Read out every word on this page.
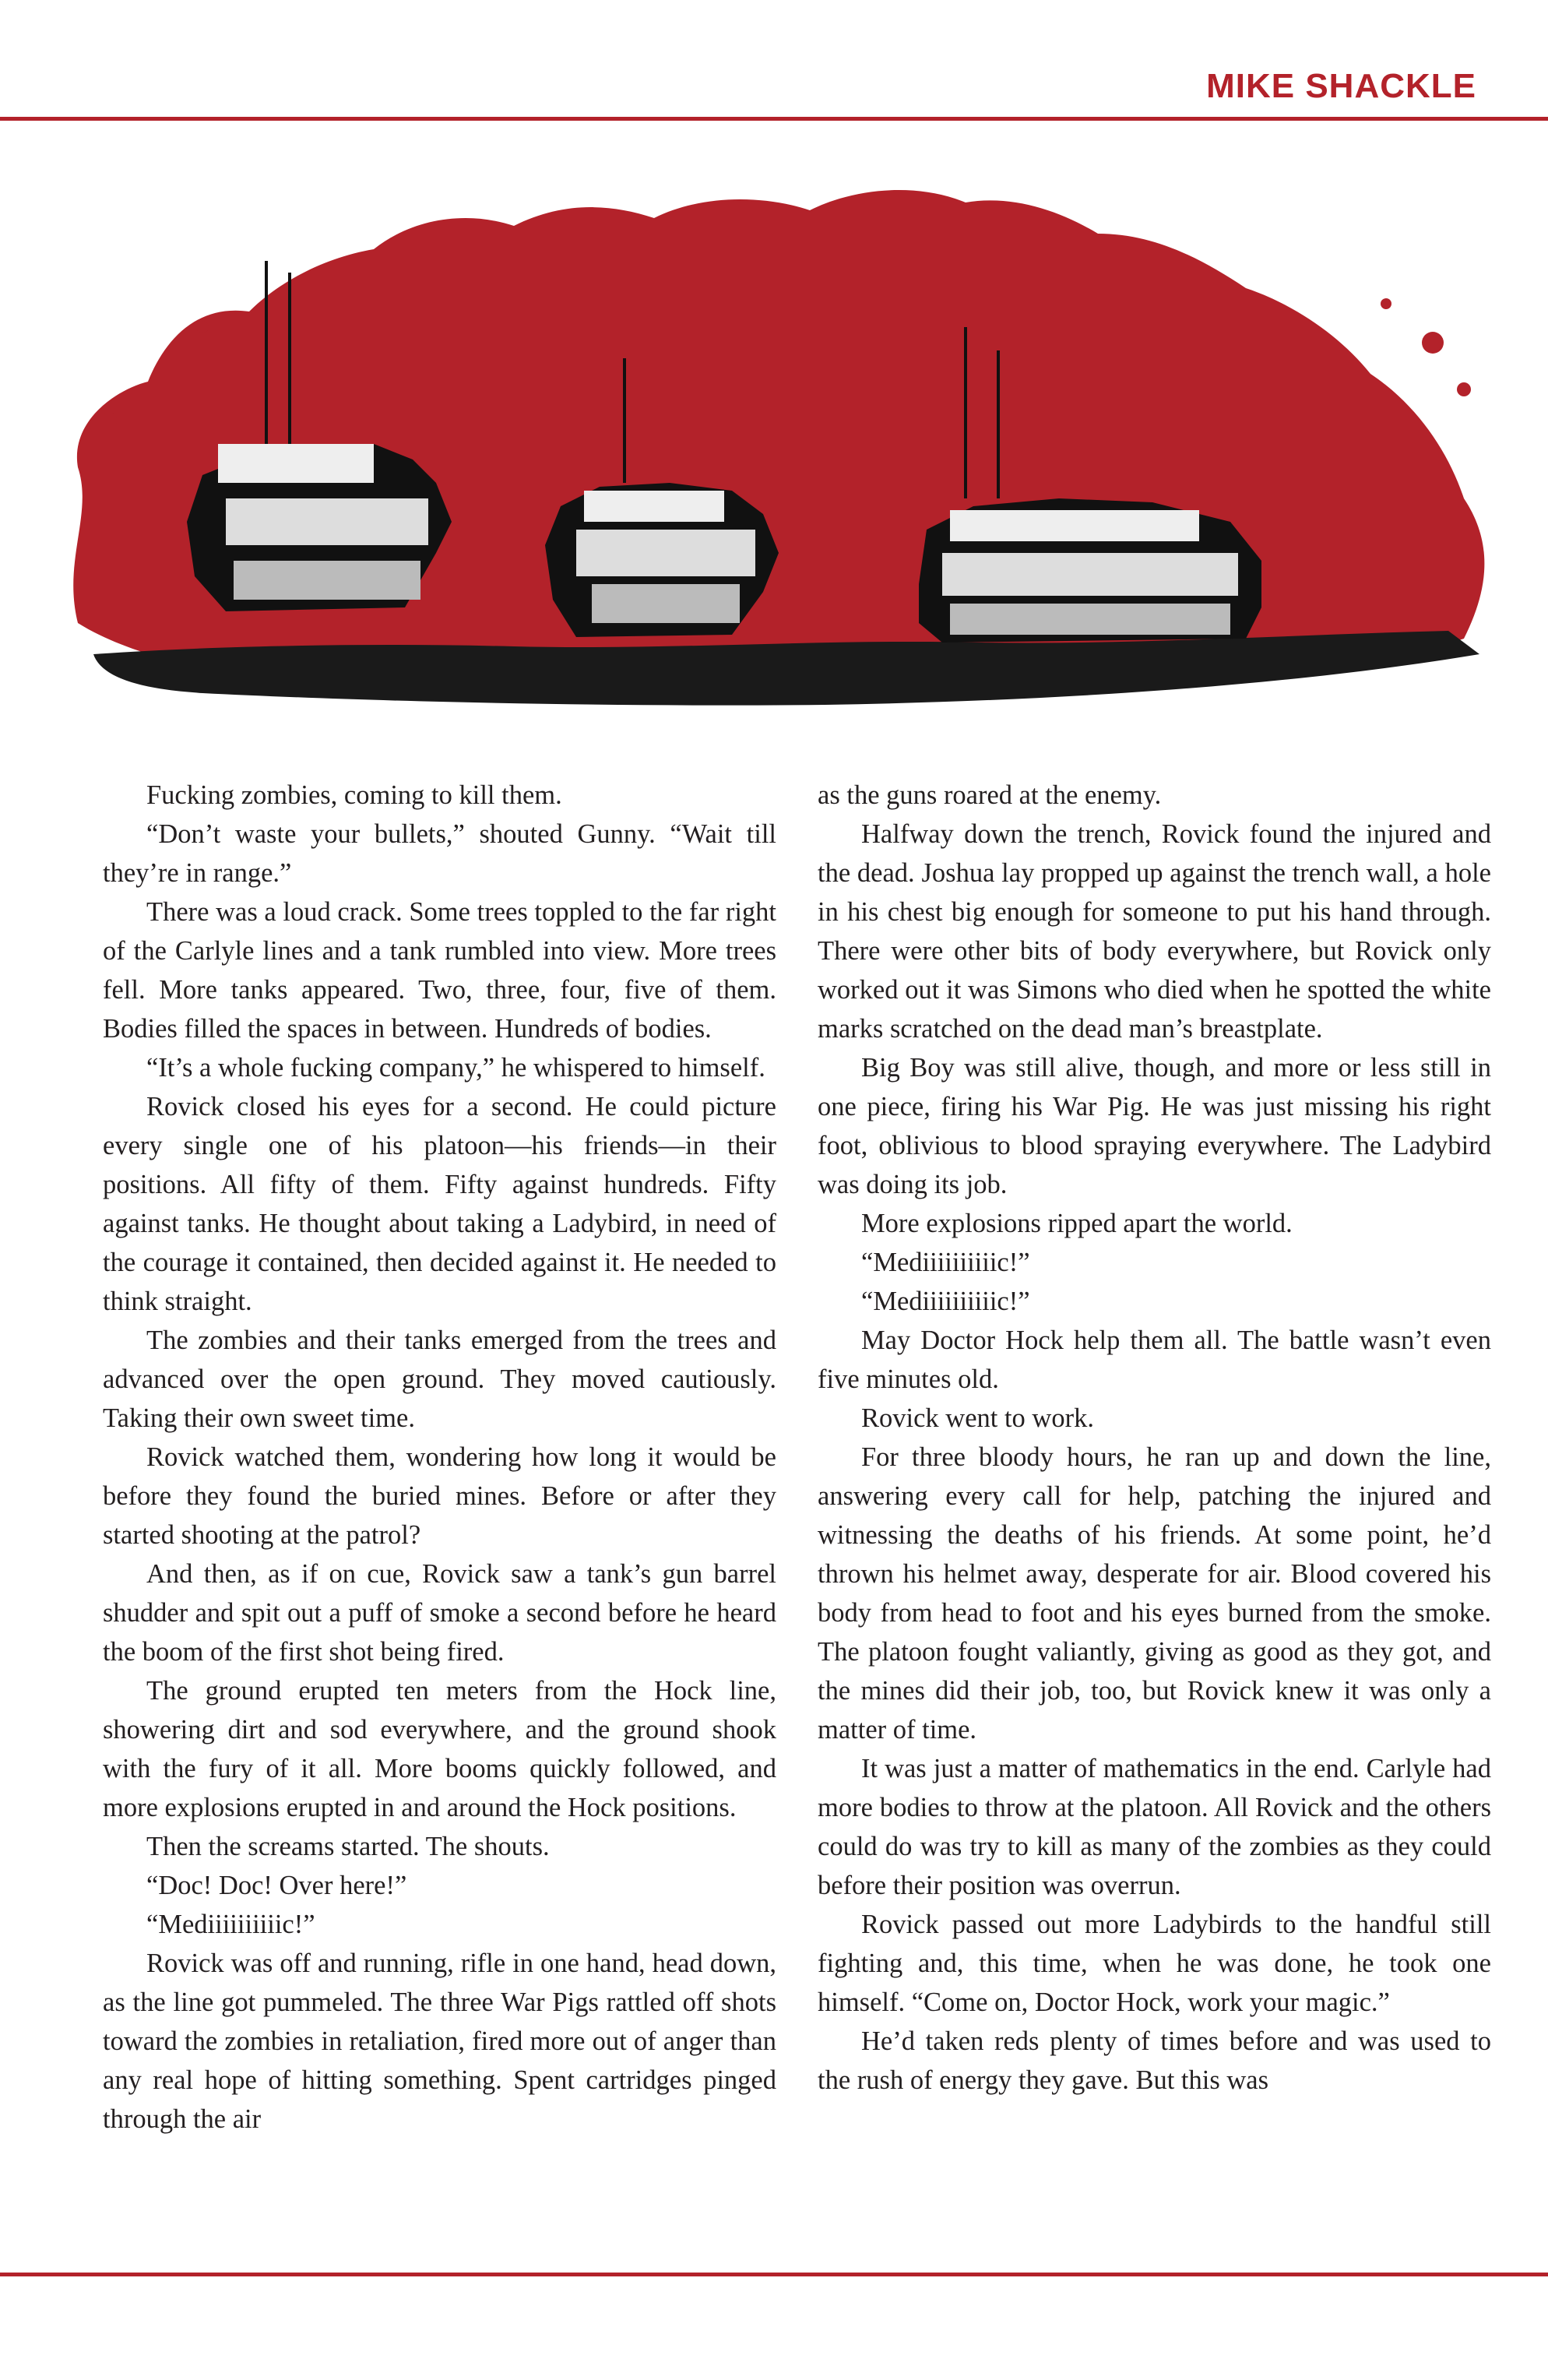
MIKE SHACKLE

Fucking zombies, coming to kill them.

“Don’t waste your bullets,” shouted Gunny. “Wait till they’re in range.”

There was a loud crack. Some trees toppled to the far right of the Carlyle lines and a tank rumbled into view. More trees fell. More tanks appeared. Two, three, four, five of them. Bodies filled the spaces in between. Hundreds of bodies.

“It’s a whole fucking company,” he whispered to himself.

Rovick closed his eyes for a second. He could picture every single one of his platoon—his friends—in their positions. All fifty of them. Fifty against hundreds. Fifty against tanks. He thought about taking a Ladybird, in need of the courage it contained, then decided against it. He needed to think straight.

The zombies and their tanks emerged from the trees and advanced over the open ground. They moved cautiously. Taking their own sweet time.

Rovick watched them, wondering how long it would be before they found the buried mines. Before or after they started shooting at the patrol?

And then, as if on cue, Rovick saw a tank’s gun barrel shudder and spit out a puff of smoke a second before he heard the boom of the first shot being fired.

The ground erupted ten meters from the Hock line, showering dirt and sod everywhere, and the ground shook with the fury of it all. More booms quickly followed, and more explosions erupted in and around the Hock positions.

Then the screams started. The shouts.

“Doc! Doc! Over here!”

“Mediiiiiiiiiic!”

Rovick was off and running, rifle in one hand, head down, as the line got pummeled. The three War Pigs rattled off shots toward the zombies in retaliation, fired more out of anger than any real hope of hitting something. Spent cartridges pinged through the air

as the guns roared at the enemy.

Halfway down the trench, Rovick found the injured and the dead. Joshua lay propped up against the trench wall, a hole in his chest big enough for someone to put his hand through. There were other bits of body everywhere, but Rovick only worked out it was Simons who died when he spotted the white marks scratched on the dead man’s breastplate.

Big Boy was still alive, though, and more or less still in one piece, firing his War Pig. He was just missing his right foot, oblivious to blood spraying everywhere. The Ladybird was doing its job.

More explosions ripped apart the world.

“Mediiiiiiiiiic!”

“Mediiiiiiiiiic!”

May Doctor Hock help them all. The battle wasn’t even five minutes old.

Rovick went to work.

For three bloody hours, he ran up and down the line, answering every call for help, patching the injured and witnessing the deaths of his friends. At some point, he’d thrown his helmet away, desperate for air. Blood covered his body from head to foot and his eyes burned from the smoke. The platoon fought valiantly, giving as good as they got, and the mines did their job, too, but Rovick knew it was only a matter of time.

It was just a matter of mathematics in the end. Carlyle had more bodies to throw at the platoon. All Rovick and the others could do was try to kill as many of the zombies as they could before their position was overrun.

Rovick passed out more Ladybirds to the handful still fighting and, this time, when he was done, he took one himself. “Come on, Doctor Hock, work your magic.”

He’d taken reds plenty of times before and was used to the rush of energy they gave. But this was
